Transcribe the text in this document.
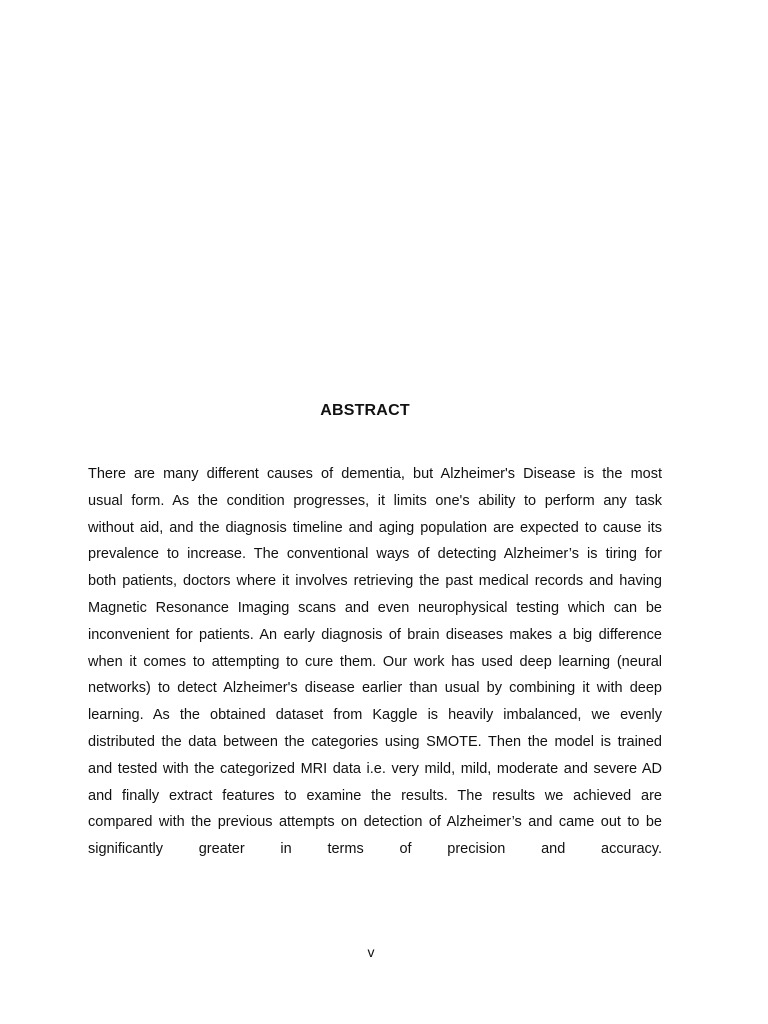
ABSTRACT
There are many different causes of dementia, but Alzheimer's Disease is the most
usual form. As the condition progresses, it limits one's ability to perform any task
without aid, and the diagnosis timeline and aging population are expected to cause its
prevalence to increase. The conventional ways of detecting Alzheimer’s is tiring for
both patients, doctors where it involves retrieving the past medical records and having
Magnetic Resonance Imaging scans and even neurophysical testing which can be
inconvenient for patients. An early diagnosis of brain diseases makes a big difference
when it comes to attempting to cure them. Our work has used deep learning (neural
networks) to detect Alzheimer's disease earlier than usual by combining it with deep
learning. As the obtained dataset from Kaggle is heavily imbalanced, we evenly
distributed the data between the categories using SMOTE. Then the model is trained
and tested with the categorized MRI data i.e. very mild, mild, moderate and severe AD
and finally extract features to examine the results. The results we achieved are
compared with the previous attempts on detection of Alzheimer’s and came out to be
significantly greater in terms of precision and accuracy.
v
